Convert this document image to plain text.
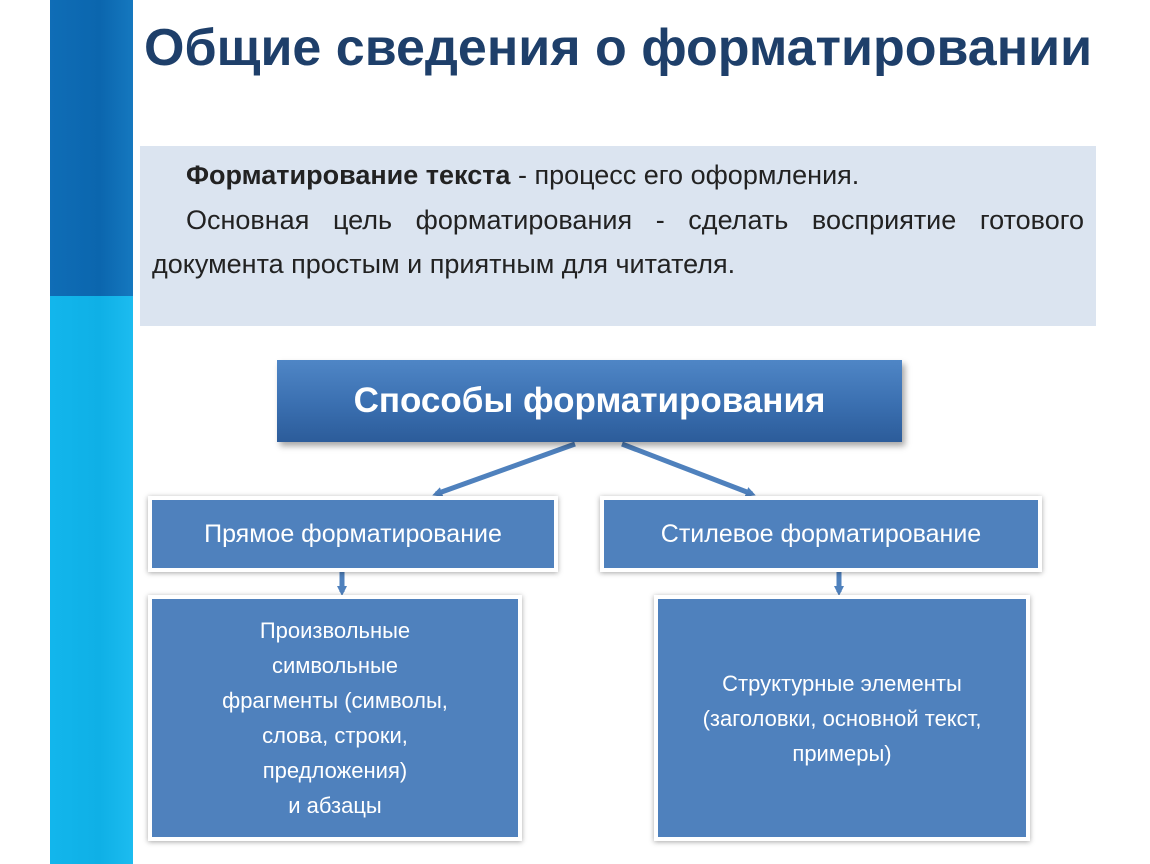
Общие сведения о форматировании
Форматирование текста - процесс его оформления.
Основная цель форматирования - сделать восприятие готового документа простым и приятным для читателя.
Способы форматирования
Прямое форматирование	Стилевое форматирование
Произвольные
символьные
фрагменты (символы,
слова, строки,
предложения)
и абзацы
Структурные элементы
(заголовки, основной текст,
примеры)
